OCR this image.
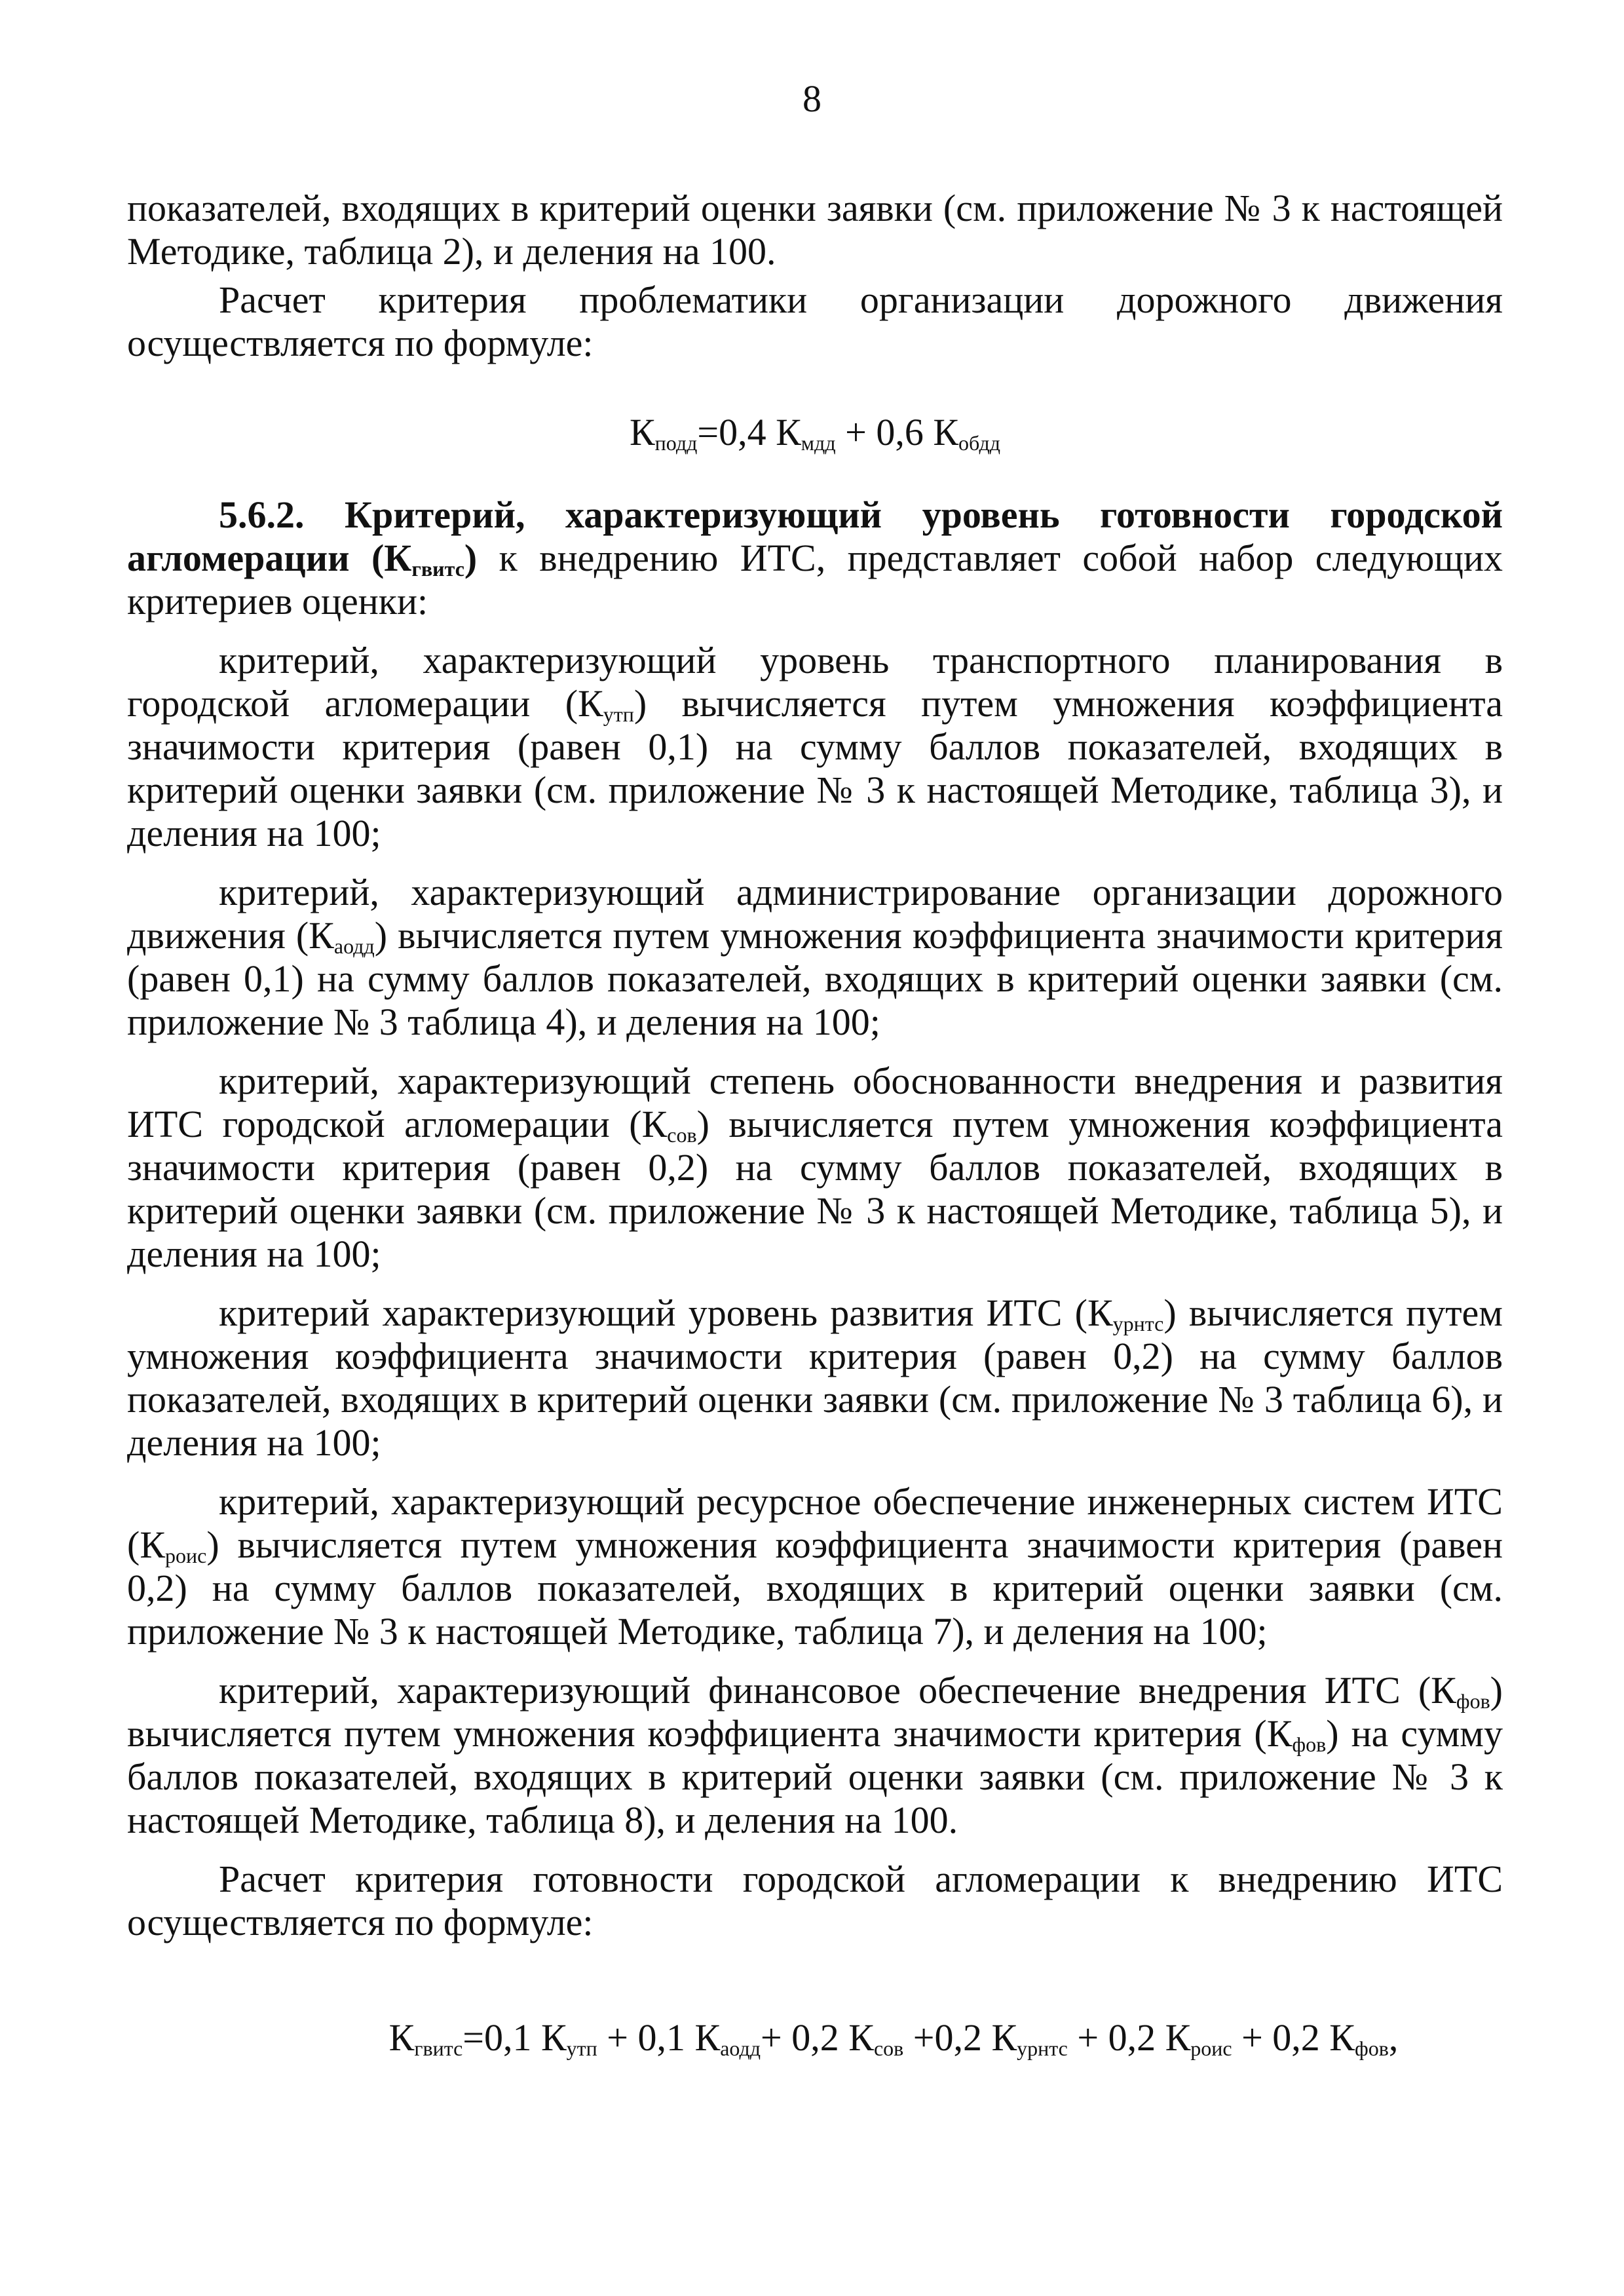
8

показателей, входящих в критерий оценки заявки (см. приложение № 3 к настоящей Методике, таблица 2), и деления на 100.

Расчет критерия проблематики организации дорожного движения осуществляется по формуле:

$К_{подд}=0,4$ $К_{мдд} + 0,6$ $К_{обдд}$

5.6.2. Критерий, характеризующий уровень готовности городской агломерации $(К_{гвитс})$ к внедрению ИТС, представляет собой набор следующих критериев оценки:

критерий, характеризующий уровень транспортного планирования в городской агломерации $(К_{утп})$ вычисляется путем умножения коэффициента значимости критерия (равен 0,1) на сумму баллов показателей, входящих в критерий оценки заявки (см. приложение № 3 к настоящей Методике, таблица 3), и деления на 100;

критерий, характеризующий администрирование организации дорожного движения $(К_{аодд})$ вычисляется путем умножения коэффициента значимости критерия (равен 0,1) на сумму баллов показателей, входящих в критерий оценки заявки (см. приложение № 3 таблица 4), и деления на 100;

критерий, характеризующий степень обоснованности внедрения и развития ИТС городской агломерации $(К_{сов})$ вычисляется путем умножения коэффициента значимости критерия (равен 0,2) на сумму баллов показателей, входящих в критерий оценки заявки (см. приложение № 3 к настоящей Методике, таблица 5), и деления на 100;

критерий характеризующий уровень развития ИТС $(К_{урнтс})$ вычисляется путем умножения коэффициента значимости критерия (равен 0,2) на сумму баллов показателей, входящих в критерий оценки заявки (см. приложение № 3 таблица 6), и деления на 100;

критерий, характеризующий ресурсное обеспечение инженерных систем ИТС $(К_{роис})$ вычисляется путем умножения коэффициента значимости критерия (равен 0,2) на сумму баллов показателей, входящих в критерий оценки заявки (см. приложение № 3 к настоящей Методике, таблица 7), и деления на 100;

критерий, характеризующий финансовое обеспечение внедрения ИТС $(К_{фов})$ вычисляется путем умножения коэффициента значимости критерия $(К_{фов})$ на сумму баллов показателей, входящих в критерий оценки заявки (см. приложение № 3 к настоящей Методике, таблица 8), и деления на 100.

Расчет критерия готовности городской агломерации к внедрению ИТС осуществляется по формуле:

$К_{гвитс}=0,1$ $К_{утп} + 0,1$ $К_{аодд}+ 0,2$ $К_{сов} +0,2$ $К_{урнтс} + 0,2$ $К_{роис} + 0,2$ $К_{фов}$,
